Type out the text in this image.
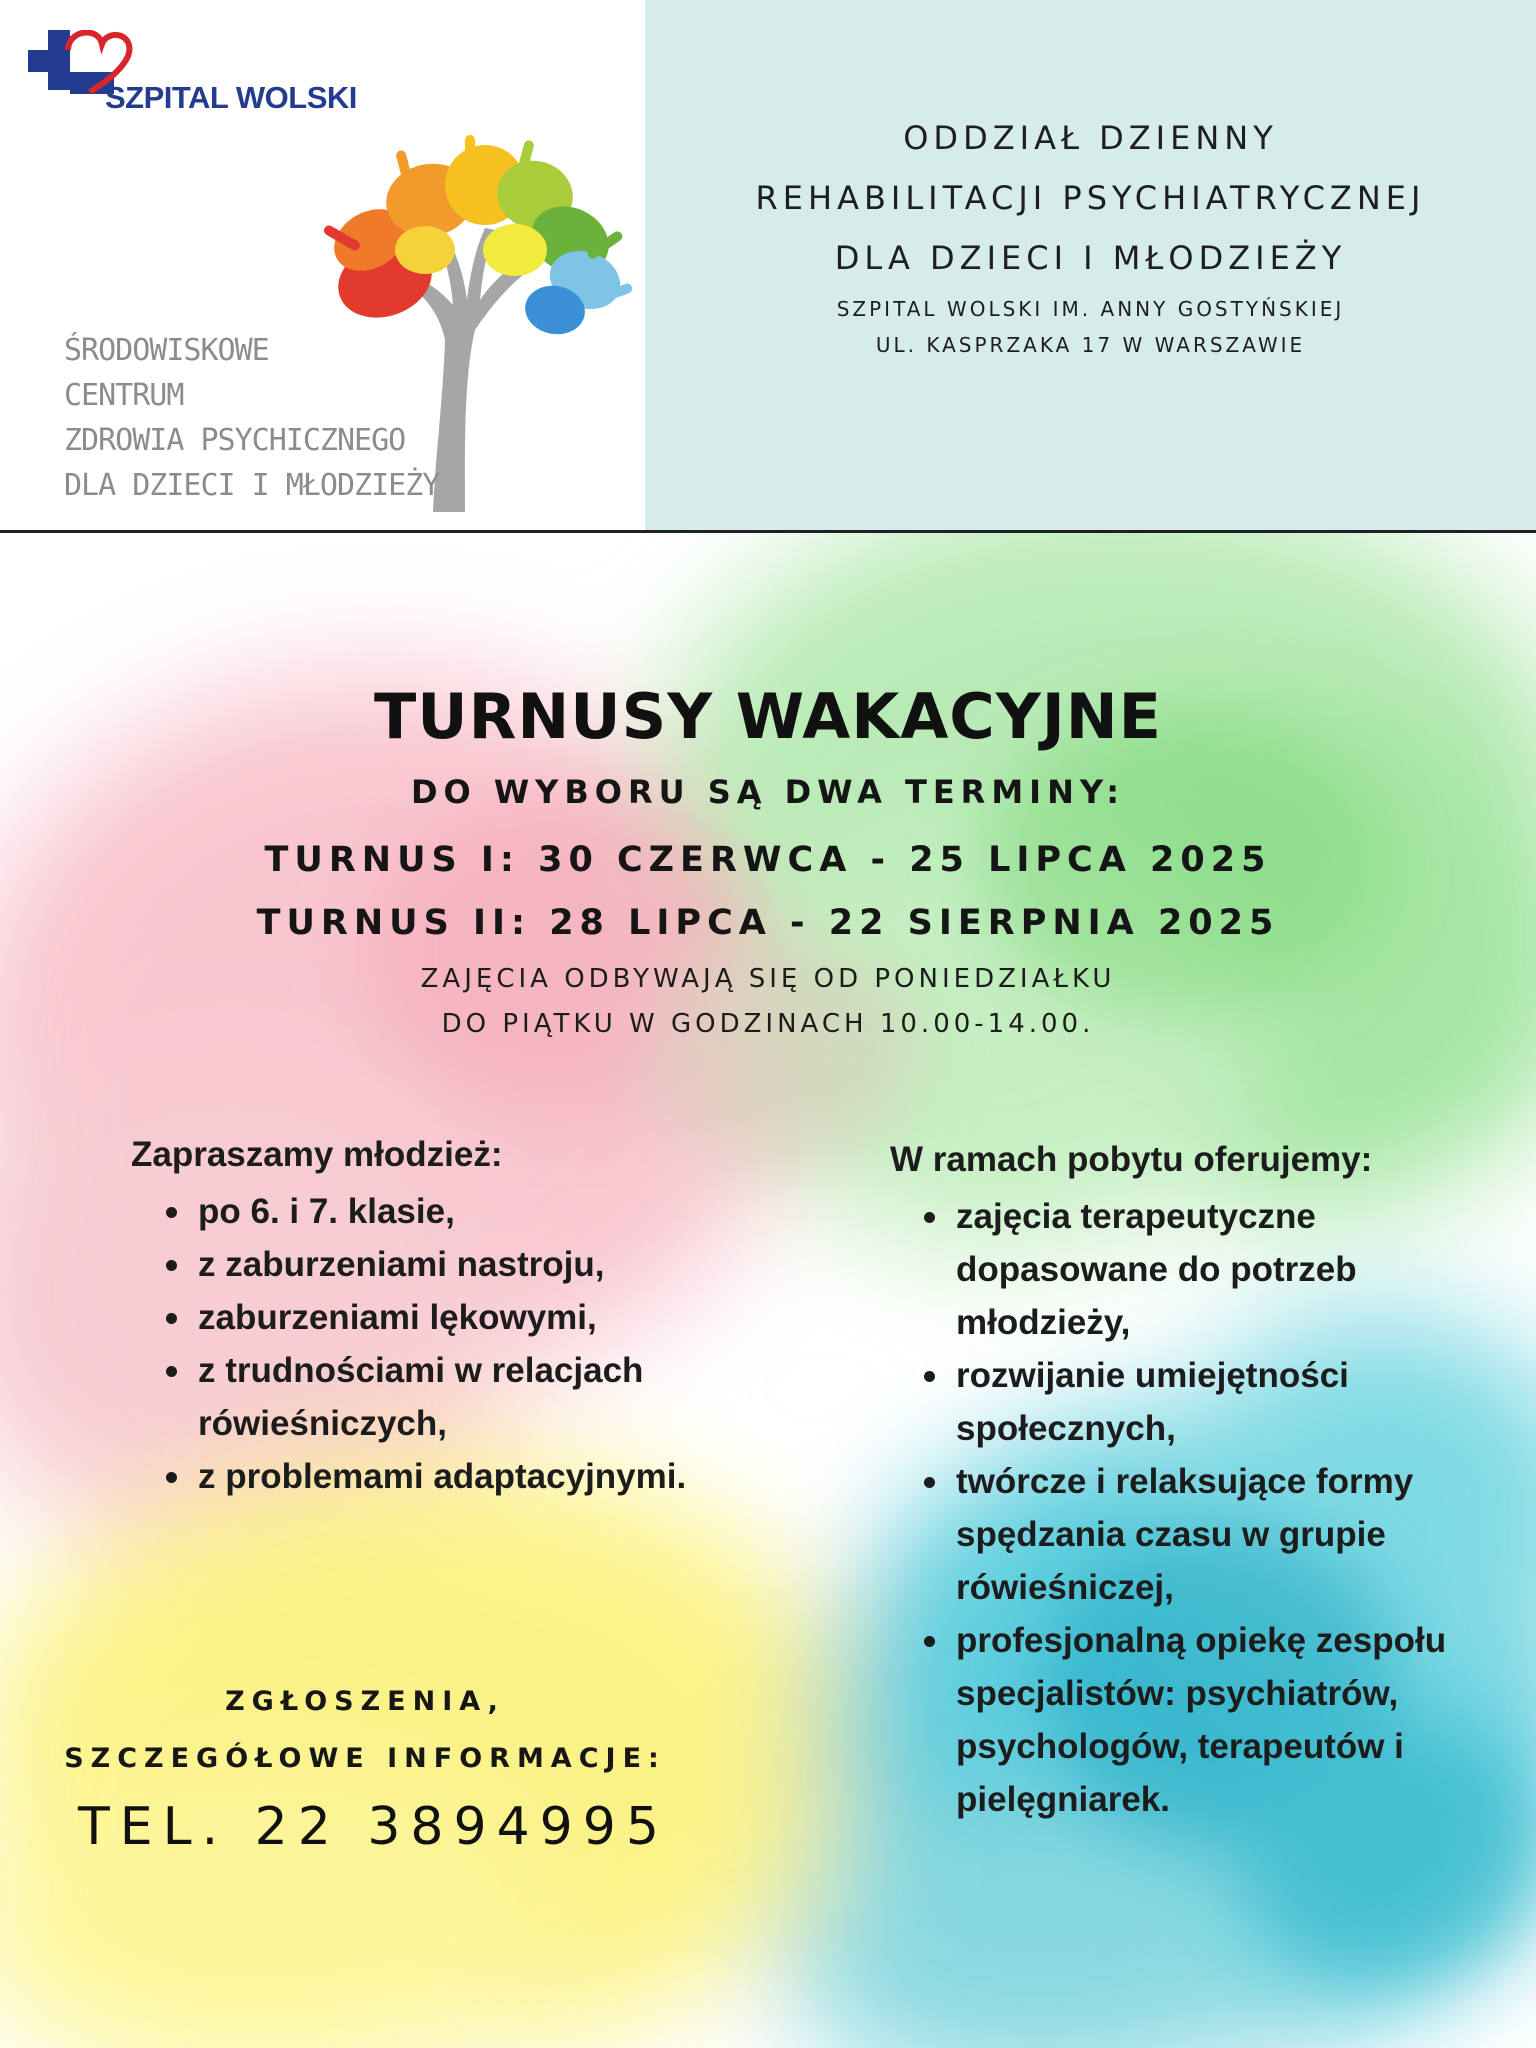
SZPITAL WOLSKI
ŚRODOWISKOWE
CENTRUM
ZDROWIA PSYCHICZNEGO
DLA DZIECI I MŁODZIEŻY
ODDZIAŁ DZIENNY
REHABILITACJI PSYCHIATRYCZNEJ
DLA DZIECI I MŁODZIEŻY
SZPITAL WOLSKI IM. ANNY GOSTYŃSKIEJ
UL. KASPRZAKA 17 W WARSZAWIE
TURNUSY WAKACYJNE
DO WYBORU SĄ DWA TERMINY:
TURNUS I: 30 CZERWCA - 25 LIPCA 2025
TURNUS II: 28 LIPCA - 22 SIERPNIA 2025
ZAJĘCIA ODBYWAJĄ SIĘ OD PONIEDZIAŁKU
DO PIĄTKU W GODZINACH 10.00-14.00.
Zapraszamy młodzież:
po 6. i 7. klasie,
z zaburzeniami nastroju,
zaburzeniami lękowymi,
z trudnościami w relacjach rówieśniczych,
z problemami adaptacyjnymi.
W ramach pobytu oferujemy:
zajęcia terapeutyczne dopasowane do potrzeb młodzieży,
rozwijanie umiejętności społecznych,
twórcze i relaksujące formy spędzania czasu w grupie rówieśniczej,
profesjonalną opiekę zespołu specjalistów: psychiatrów, psychologów, terapeutów i pielęgniarek.
ZGŁOSZENIA,
SZCZEGÓŁOWE INFORMACJE:
TEL. 22 3894995
